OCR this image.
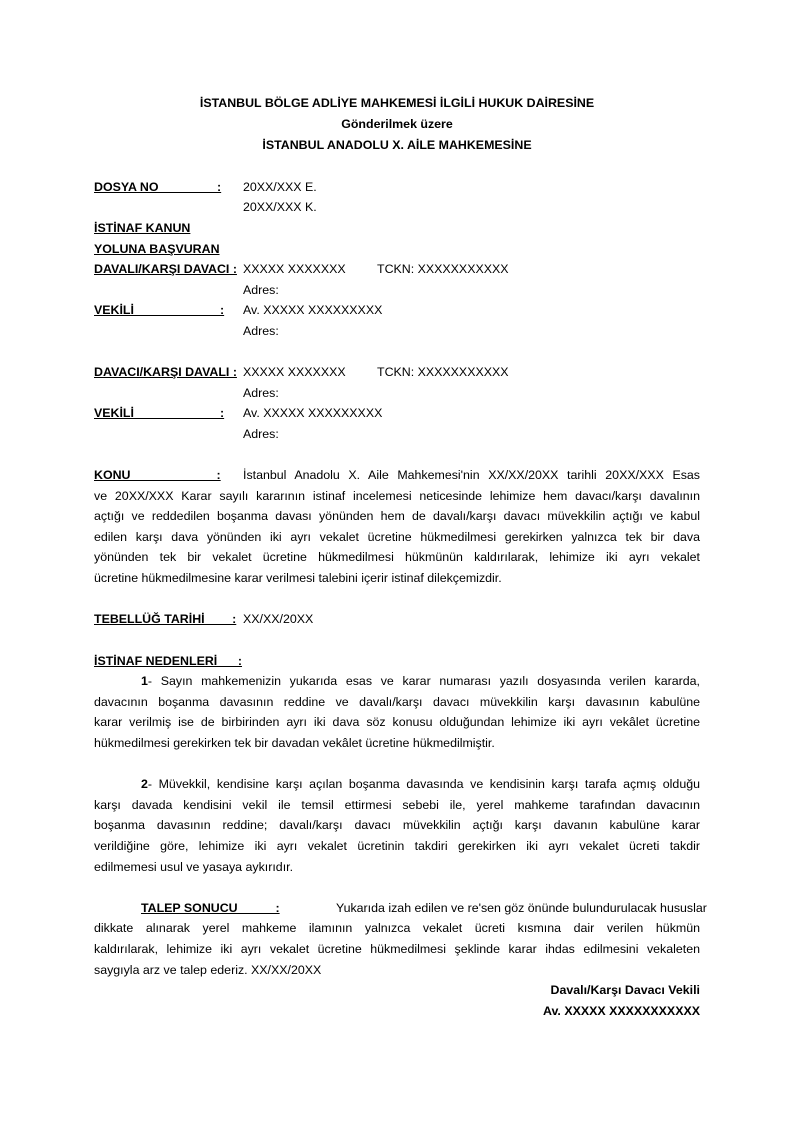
İSTANBUL BÖLGE ADLİYE MAHKEMESİ İLGİLİ HUKUK DAİRESİNE
Gönderilmek üzere
İSTANBUL ANADOLU X. AİLE MAHKEMESİNE
DOSYA NO                 : 20XX/XXX E.
20XX/XXX K.
İSTİNAF KANUN
YOLUNA BAŞVURAN
DAVALI/KARŞI DAVACI : XXXXX XXXXXXX	TCKN: XXXXXXXXXXX
Adres:
VEKİLİ                         : Av. XXXXX XXXXXXXXX
Adres:
DAVACI/KARŞI DAVALI : XXXXX XXXXXXX	TCKN: XXXXXXXXXXX
Adres:
VEKİLİ                         : Av. XXXXX XXXXXXXXX
Adres:
KONU                         : İstanbul Anadolu X. Aile Mahkemesi'nin XX/XX/20XX tarihli 20XX/XXX Esas
ve 20XX/XXX Karar sayılı kararının istinaf incelemesi neticesinde lehimize hem davacı/karşı davalının
açtığı ve reddedilen boşanma davası yönünden hem de davalı/karşı davacı müvekkilin açtığı ve kabul
edilen karşı dava yönünden iki ayrı vekalet ücretine hükmedilmesi gerekirken yalnızca tek bir dava
yönünden tek bir vekalet ücretine hükmedilmesi hükmünün kaldırılarak, lehimize iki ayrı vekalet
ücretine hükmedilmesine karar verilmesi talebini içerir istinaf dilekçemizdir.
TEBELLÜĞ TARİHİ        : XX/XX/20XX
İSTİNAF NEDENLERİ      :
1- Sayın mahkemenizin yukarıda esas ve karar numarası yazılı dosyasında verilen kararda,
davacının boşanma davasının reddine ve davalı/karşı davacı müvekkilin karşı davasının kabulüne
karar verilmiş ise de birbirinden ayrı iki dava söz konusu olduğundan lehimize iki ayrı vekâlet ücretine
hükmedilmesi gerekirken tek bir davadan vekâlet ücretine hükmedilmiştir.
2- Müvekkil, kendisine karşı açılan boşanma davasında ve kendisinin karşı tarafa açmış olduğu
karşı davada kendisini vekil ile temsil ettirmesi sebebi ile, yerel mahkeme tarafından davacının
boşanma davasının reddine; davalı/karşı davacı müvekkilin açtığı karşı davanın kabulüne karar
verildiğine göre, lehimize iki ayrı vekalet ücretinin takdiri gerekirken iki ayrı vekalet ücreti takdir
edilmemesi usul ve yasaya aykırıdır.
TALEP SONUCU           :	Yukarıda izah edilen ve re'sen göz önünde bulundurulacak hususlar
dikkate alınarak yerel mahkeme ilamının yalnızca vekalet ücreti kısmına dair verilen hükmün
kaldırılarak, lehimize iki ayrı vekalet ücretine hükmedilmesi şeklinde karar ihdas edilmesini vekaleten
saygıyla arz ve talep ederiz. XX/XX/20XX
Davalı/Karşı Davacı Vekili
Av. XXXXX XXXXXXXXXXX
